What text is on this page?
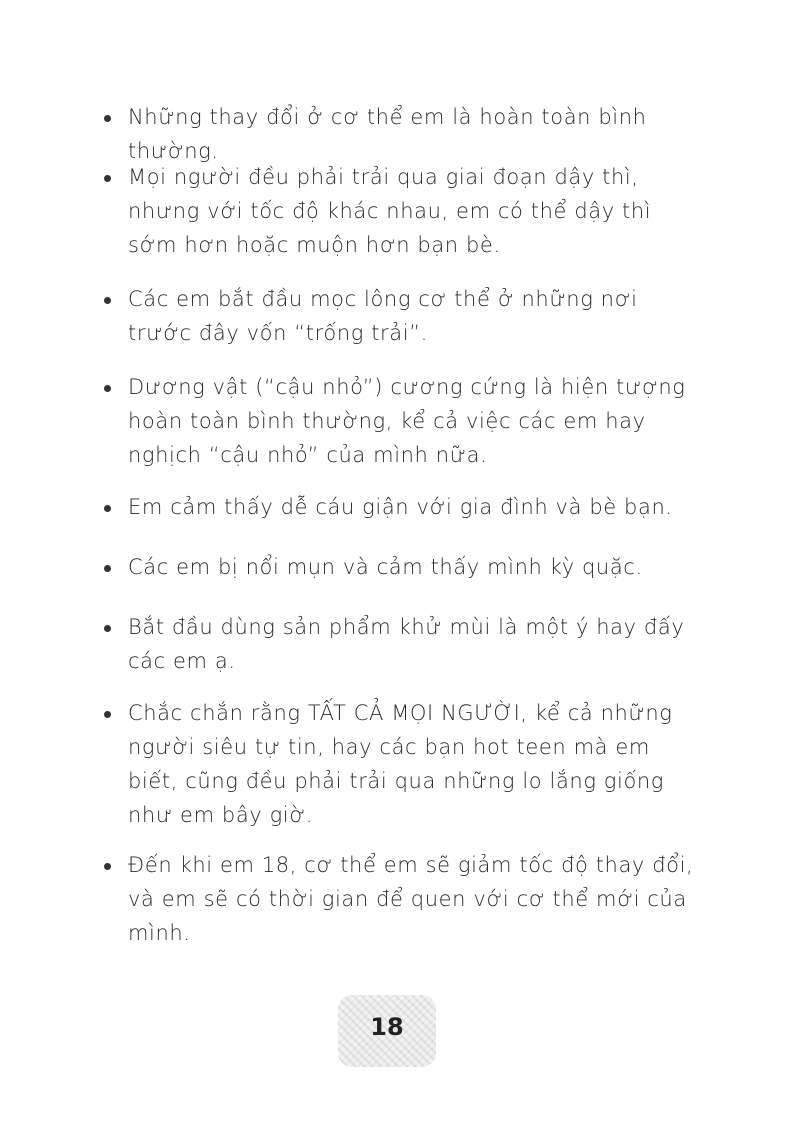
Những thay đổi ở cơ thể em là hoàn toàn bình thường.
Mọi người đều phải trải qua giai đoạn dậy thì, nhưng với tốc độ khác nhau, em có thể dậy thì sớm hơn hoặc muộn hơn bạn bè.
Các em bắt đầu mọc lông cơ thể ở những nơi trước đây vốn “trống trải”.
Dương vật (“cậu nhỏ”) cương cứng là hiện tượng hoàn toàn bình thường, kể cả việc các em hay nghịch “cậu nhỏ” của mình nữa.
Em cảm thấy dễ cáu giận với gia đình và bè bạn.
Các em bị nổi mụn và cảm thấy mình kỳ quặc.
Bắt đầu dùng sản phẩm khử mùi là một ý hay đấy các em ạ.
Chắc chắn rằng TẤT CẢ MỌI NGƯỜI, kể cả những người siêu tự tin, hay các bạn hot teen mà em biết, cũng đều phải trải qua những lo lắng giống như em bây giờ.
Đến khi em 18, cơ thể em sẽ giảm tốc độ thay đổi, và em sẽ có thời gian để quen với cơ thể mới của mình.
18
